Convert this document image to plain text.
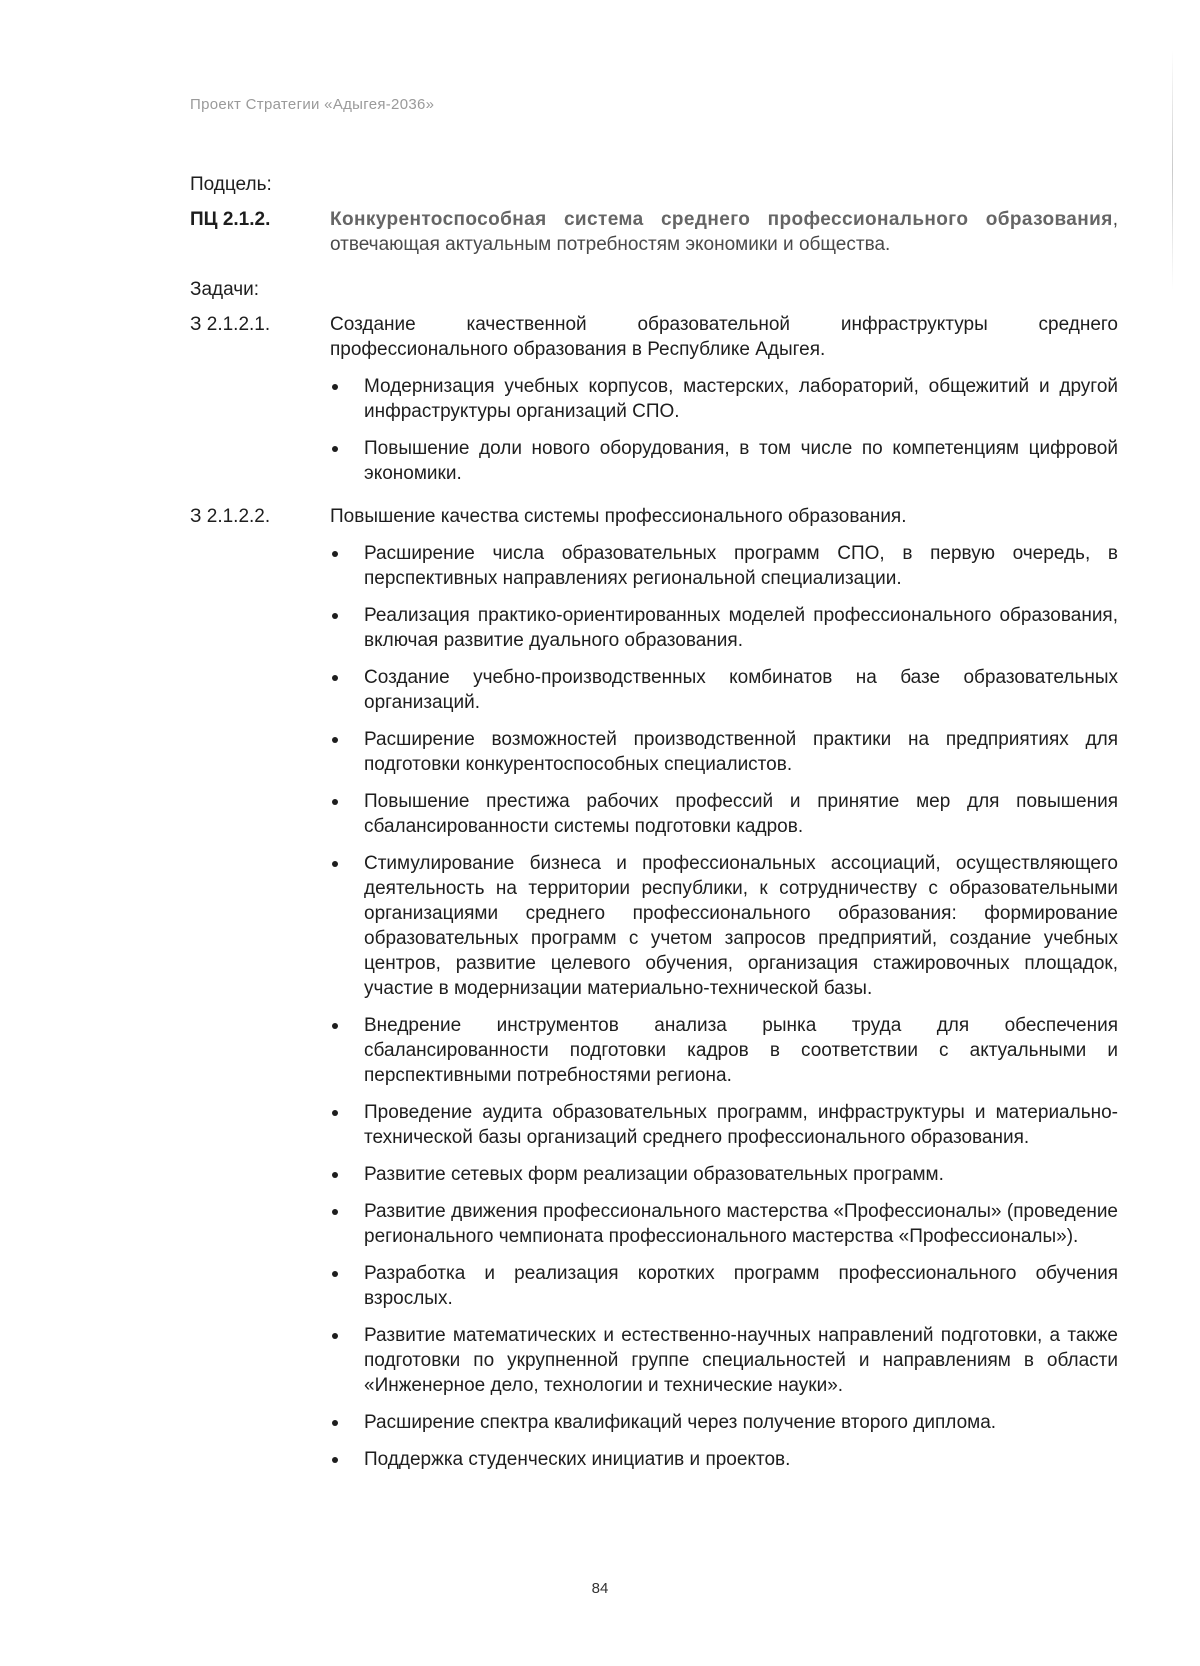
Проект Стратегии «Адыгея-2036»
Подцель:
ПЦ 2.1.2.	Конкурентоспособная система среднего профессионального образования, отвечающая актуальным потребностям экономики и общества.
Задачи:
З 2.1.2.1.	Создание качественной образовательной инфраструктуры среднего профессионального образования в Республике Адыгея.
Модернизация учебных корпусов, мастерских, лабораторий, общежитий и другой инфраструктуры организаций СПО.
Повышение доли нового оборудования, в том числе по компетенциям цифровой экономики.
З 2.1.2.2.	Повышение качества системы профессионального образования.
Расширение числа образовательных программ СПО, в первую очередь, в перспективных направлениях региональной специализации.
Реализация практико-ориентированных моделей профессионального образования, включая развитие дуального образования.
Создание учебно-производственных комбинатов на базе образовательных организаций.
Расширение возможностей производственной практики на предприятиях для подготовки конкурентоспособных специалистов.
Повышение престижа рабочих профессий и принятие мер для повышения сбалансированности системы подготовки кадров.
Стимулирование бизнеса и профессиональных ассоциаций, осуществляющего деятельность на территории республики, к сотрудничеству с образовательными организациями среднего профессионального образования: формирование образовательных программ с учетом запросов предприятий, создание учебных центров, развитие целевого обучения, организация стажировочных площадок, участие в модернизации материально-технической базы.
Внедрение инструментов анализа рынка труда для обеспечения сбалансированности подготовки кадров в соответствии с актуальными и перспективными потребностями региона.
Проведение аудита образовательных программ, инфраструктуры и материально-технической базы организаций среднего профессионального образования.
Развитие сетевых форм реализации образовательных программ.
Развитие движения профессионального мастерства «Профессионалы» (проведение регионального чемпионата профессионального мастерства «Профессионалы»).
Разработка и реализация коротких программ профессионального обучения взрослых.
Развитие математических и естественно-научных направлений подготовки, а также подготовки по укрупненной группе специальностей и направлениям в области «Инженерное дело, технологии и технические науки».
Расширение спектра квалификаций через получение второго диплома.
Поддержка студенческих инициатив и проектов.
84
